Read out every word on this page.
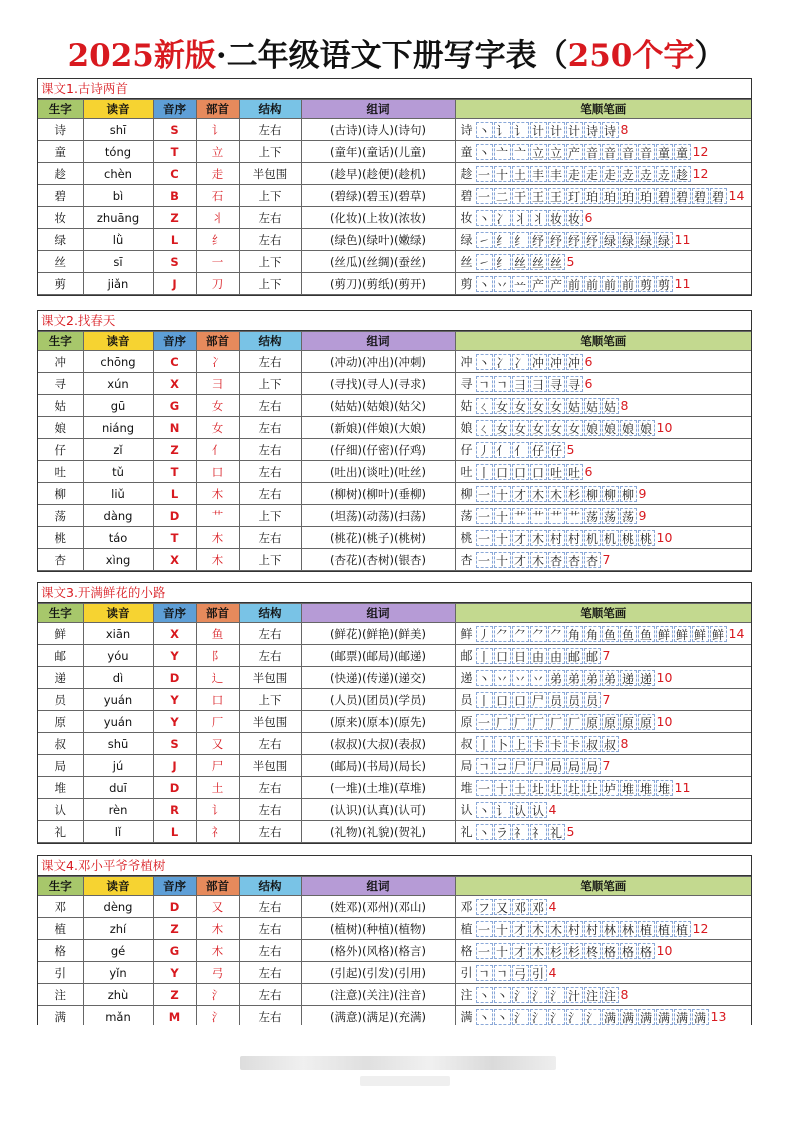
2025新版·二年级语文下册写字表（250个字）
课文1.古诗两首
生字	读音	音序	部首	结构	组词	笔顺笔画
诗	shī	S	讠	左右	(古诗)(诗人)(诗句)	诗 丶 讠 讠 计 计 计 诗 诗 8
童	tóng	T	立	上下	(童年)(童话)(儿童)	童 丶 亠 亠 立 立 产 音 音 音 音 童 童 12
趁	chèn	C	走	半包围	(趁早)(趁便)(趁机)	趁 一 十 土 丰 丰 走 走 走 赱 赱 赱 趁 12
碧	bì	B	石	上下	(碧绿)(碧玉)(碧草)	碧 一 二 干 王 王 玎 珀 珀 珀 珀 碧 碧 碧 碧 14
妆	zhuāng	Z	丬	左右	(化妆)(上妆)(浓妆)	妆 丶 冫 丬 丬 妆 妆 6
绿	lǜ	L	纟	左右	(绿色)(绿叶)(嫩绿)	绿 ㇀ 纟 纟 纾 纾 纾 纾 绿 绿 绿 绿 11
丝	sī	S	一	上下	(丝瓜)(丝绸)(蚕丝)	丝 ㇀ 纟 丝 丝 丝 5
剪	jiǎn	J	刀	上下	(剪刀)(剪纸)(剪开)	剪 丶 丷 䒑 产 产 前 前 前 前 剪 剪 11
课文2.找春天
生字	读音	音序	部首	结构	组词	笔顺笔画
冲	chōng	C	冫	左右	(冲动)(冲出)(冲刺)	冲 丶 冫 冫 冲 冲 冲 6
寻	xún	X	彐	上下	(寻找)(寻人)(寻求)	寻 ㄱ ㄱ 彐 彐 寻 寻 6
姑	gū	G	女	左右	(姑姑)(姑娘)(姑父)	姑 ㄑ 女 女 女 女 姑 姑 姑 8
娘	niáng	N	女	左右	(新娘)(伴娘)(大娘)	娘 ㄑ 女 女 女 女 女 娘 娘 娘 娘 10
仔	zǐ	Z	亻	左右	(仔细)(仔密)(仔鸡)	仔 丿 亻 亻 仔 仔 5
吐	tǔ	T	口	左右	(吐出)(谈吐)(吐丝)	吐 丨 口 口 口 吐 吐 6
柳	liǔ	L	木	左右	(柳树)(柳叶)(垂柳)	柳 一 十 才 木 木 杉 柳 柳 柳 9
荡	dàng	D	艹	上下	(坦荡)(动荡)(扫荡)	荡 一 十 艹 艹 艹 艹 荡 荡 荡 9
桃	táo	T	木	左右	(桃花)(桃子)(桃树)	桃 一 十 才 木 村 村 机 机 桃 桃 10
杏	xìng	X	木	上下	(杏花)(杏树)(银杏)	杏 一 十 才 木 杏 杏 杏 7
课文3.开满鲜花的小路
生字	读音	音序	部首	结构	组词	笔顺笔画
鲜	xiān	X	鱼	左右	(鲜花)(鲜艳)(鲜美)	鲜 丿 ⺈ ⺈ ⺈ ⺈ 角 角 鱼 鱼 鱼 鲜 鲜 鲜 鲜 14
邮	yóu	Y	阝	左右	(邮票)(邮局)(邮递)	邮 丨 口 日 由 由 邮 邮 7
递	dì	D	辶	半包围	(快递)(传递)(递交)	递 丶 丷 丷 丷 弟 弟 弟 弟 递 递 10
员	yuán	Y	口	上下	(人员)(团员)(学员)	员 丨 口 口 尸 员 员 员 7
原	yuán	Y	厂	半包围	(原来)(原本)(原先)	原 一 厂 厂 厂 厂 厂 原 原 原 原 10
叔	shū	S	又	左右	(叔叔)(大叔)(表叔)	叔 丨 卜 上 卡 卡 卡 叔 叔 8
局	jú	J	尸	半包围	(邮局)(书局)(局长)	局 ㄱ コ 尸 尸 局 局 局 7
堆	duī	D	土	左右	(一堆)(土堆)(草堆)	堆 一 十 土 圵 圵 圵 圵 垆 堆 堆 堆 11
认	rèn	R	讠	左右	(认识)(认真)(认可)	认 丶 讠 认 认 4
礼	lǐ	L	礻	左右	(礼物)(礼貌)(贺礼)	礼 丶 ラ 礻 礻 礼 5
课文4.邓小平爷爷植树
生字	读音	音序	部首	结构	组词	笔顺笔画
邓	dèng	D	又	左右	(姓邓)(邓州)(邓山)	邓 フ 又 邓 邓 4
植	zhí	Z	木	左右	(植树)(种植)(植物)	植 一 十 才 木 木 村 村 林 林 植 植 植 12
格	gé	G	木	左右	(格外)(风格)(格言)	格 一 十 才 木 杉 杉 柊 格 格 格 10
引	yǐn	Y	弓	左右	(引起)(引发)(引用)	引 ㄱ ㄱ 弓 引 4
注	zhù	Z	氵	左右	(注意)(关注)(注音)	注 丶 丶 氵 氵 氵 汁 注 注 8
满	mǎn	M	氵	左右	(满意)(满足)(充满)	满 丶 丶 氵 氵 氵 氵 氵 满 满 满 满 满 满 13
